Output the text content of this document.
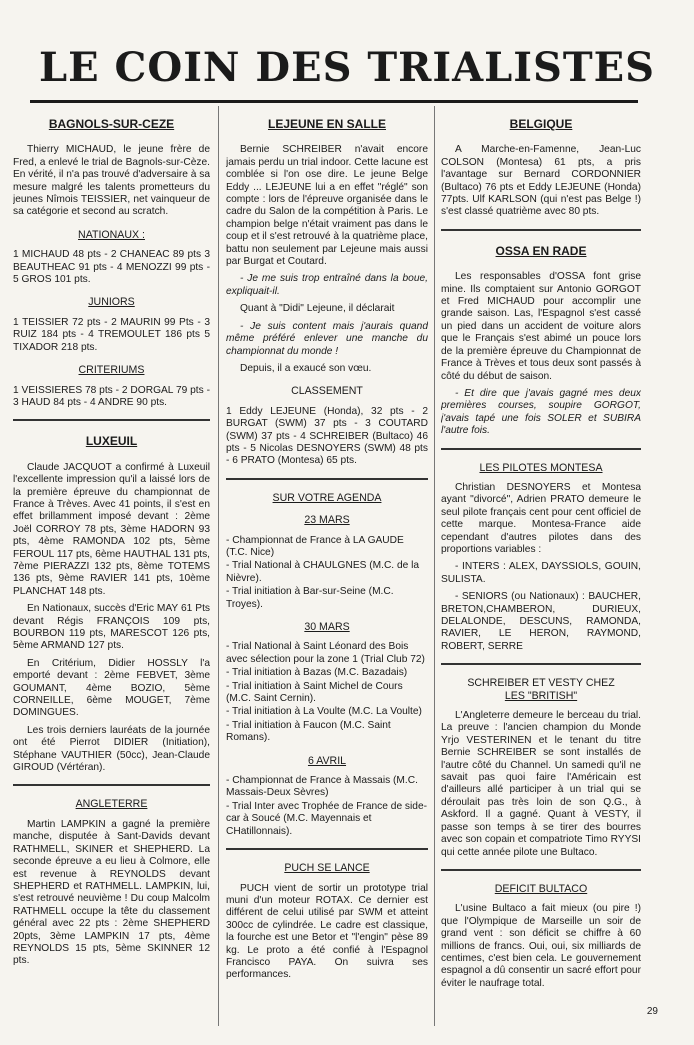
LE COIN DES TRIALISTES
BAGNOLS-SUR-CEZE

Thierry MICHAUD, le jeune frère de Fred, a enlevé le trial de Bagnols-sur-Cèze. En vérité, il n'a pas trouvé d'adversaire à sa mesure malgré les talents prometteurs du jeunes Nîmois TEISSIER, net vainqueur de sa catégorie et second au scratch.

NATIONAUX :

1 MICHAUD 48 pts - 2 CHANEAC 89 pts 3 BEAUTHEAC 91 pts - 4 MENOZZI 99 pts - 5 GROS 101 pts.

JUNIORS

1 TEISSIER 72 pts - 2 MAURIN 99 Pts - 3 RUIZ 184 pts - 4 TREMOULET 186 pts 5 TIXADOR 218 pts.

CRITERIUMS

1 VEISSIERES 78 pts - 2 DORGAL 79 pts - 3 HAUD 84 pts - 4 ANDRE 90 pts.

LUXEUIL

Claude JACQUOT a confirmé à Luxeuil l'excellente impression qu'il a laissé lors de la première épreuve du championnat de France à Trèves. Avec 41 points, il s'est en effet brillamment imposé devant : 2ème Joël CORROY 78 pts, 3ème HADORN 93 pts, 4ème RAMONDA 102 pts, 5ème FEROUL 117 pts, 6ème HAUTHAL 131 pts, 7ème PIERAZZI 132 pts, 8ème TOTEMS 136 pts, 9ème RAVIER 141 pts, 10ème PLANCHAT 148 pts.

En Nationaux, succès d'Eric MAY 61 Pts devant Régis FRANÇOIS 109 pts, BOURBON 119 pts, MARESCOT 126 pts, 5ème ARMAND 127 pts.

En Critérium, Didier HOSSLY l'a emporté devant : 2ème FEBVET, 3ème GOUMANT, 4ème BOZIO, 5ème CORNEILLE, 6ème MOUGET, 7ème DOMINGUES.

Les trois derniers lauréats de la journée ont été Pierrot DIDIER (Initiation), Stéphane VAUTHIER (50cc), Jean-Claude GIROUD (Vértéran).

ANGLETERRE

Martin LAMPKIN a gagné la première manche, disputée à Sant-Davids devant RATHMELL, SKINER et SHEPHERD. La seconde épreuve a eu lieu à Colmore, elle est revenue à REYNOLDS devant SHEPHERD et RATHMELL. LAMPKIN, lui, s'est retrouvé neuvième ! Du coup Malcolm RATHMELL occupe la tête du classement général avec 22 pts : 2ème SHEPHERD 20pts, 3ème LAMPKIN 17 pts, 4ème REYNOLDS 15 pts, 5ème SKINNER 12 pts.

LEJEUNE EN SALLE

Bernie SCHREIBER n'avait encore jamais perdu un trial indoor. Cette lacune est comblée si l'on ose dire. Le jeune Belge Eddy ... LEJEUNE lui a en effet "réglé" son compte : lors de l'épreuve organisée dans le cadre du Salon de la compétition à Paris. Le champion belge n'était vraiment pas dans le coup et il s'est retrouvé à la quatrième place, battu non seulement par Lejeune mais aussi par Burgat et Coutard.

- Je me suis trop entraîné dans la boue, expliquait-il.

Quant à "Didi" Lejeune, il déclarait

- Je suis content mais j'aurais quand même préféré enlever une manche du championnat du monde !

Depuis, il a exaucé son vœu.

CLASSEMENT

1 Eddy LEJEUNE (Honda), 32 pts - 2 BURGAT (SWM) 37 pts - 3 COUTARD (SWM) 37 pts - 4 SCHREIBER (Bultaco) 46 pts - 5 Nicolas DESNOYERS (SWM) 48 pts - 6 PRATO (Montesa) 65 pts.

SUR VOTRE AGENDA
23 MARS
- Championnat de France à LA GAUDE (T.C. Nice)
- Trial National à CHAULGNES (M.C. de la Nièvre).
- Trial initiation à Bar-sur-Seine (M.C. Troyes).
30 MARS
- Trial National à Saint Léonard des Bois avec sélection pour la zone 1 (Trial Club 72)
- Trial initiation à Bazas (M.C. Bazadais)
- Trial initiation à Saint Michel de Cours (M.C. Saint Cernin).
- Trial initiation à La Voulte (M.C. La Voulte)
- Trial initiation à Faucon (M.C. Saint Romans).
6 AVRIL
- Championnat de France à Massais (M.C. Massais-Deux Sèvres)
- Trial Inter avec Trophée de France de side-car à Soucé (M.C. Mayennais et CHatillonnais).
PUCH SE LANCE

PUCH vient de sortir un prototype trial muni d'un moteur ROTAX. Ce dernier est différent de celui utilisé par SWM et atteint 300cc de cylindrée. Le cadre est classique, la fourche est une Betor et "l'engin" pèse 89 kg. Le proto a été confié à l'Espagnol Francisco PAYA. On suivra ses performances.

BELGIQUE

A Marche-en-Famenne, Jean-Luc COLSON (Montesa) 61 pts, a pris l'avantage sur Bernard CORDONNIER (Bultaco) 76 pts et Eddy LEJEUNE (Honda) 77pts. Ulf KARLSON (qui n'est pas Belge !) s'est classé quatrième avec 80 pts.

OSSA EN RADE

Les responsables d'OSSA font grise mine. Ils comptaient sur Antonio GORGOT et Fred MICHAUD pour accomplir une grande saison. Las, l'Espagnol s'est cassé un pied dans un accident de voiture alors que le Français s'est abimé un pouce lors de la première épreuve du Championnat de France à Trèves et tous deux sont passés à côté du début de saison.

- Et dire que j'avais gagné mes deux premières courses, soupire GORGOT, j'avais tapé une fois SOLER et SUBIRA l'autre fois.

LES PILOTES MONTESA

Christian DESNOYERS et Montesa ayant "divorcé", Adrien PRATO demeure le seul pilote français cent pour cent officiel de cette marque. Montesa-France aide cependant d'autres pilotes dans des proportions variables :

- INTERS : ALEX, DAYSSIOLS, GOUIN, SULISTA.

- SENIORS (ou Nationaux) : BAUCHER, BRETON,CHAMBERON, DURIEUX, DELALONDE, DESCUNS, RAMONDA, RAVIER, LE HERON, RAYMOND, ROBERT, SERRE

SCHREIBER ET VESTY CHEZ
LES "BRITISH"

L'Angleterre demeure le berceau du trial. La preuve : l'ancien champion du Monde Yrjo VESTERINEN et le tenant du titre Bernie SCHREIBER se sont installés de l'autre côté du Channel. Un samedi qu'il ne savait pas quoi faire l'Américain est d'ailleurs allé participer à un trial qui se déroulait pas très loin de son Q.G., à Askford. Il a gagné. Quant à VESTY, il passe son temps à se tirer des bourres avec son copain et compatriote Timo RYYSI qui cette année pilote une Bultaco.

DEFICIT BULTACO

L'usine Bultaco a fait mieux (ou pire !) que l'Olympique de Marseille un soir de grand vent : son déficit se chiffre à 60 millions de francs. Oui, oui, six milliards de centimes, c'est bien cela. Le gouvernement espagnol a dû consentir un sacré effort pour éviter le naufrage total.

29
